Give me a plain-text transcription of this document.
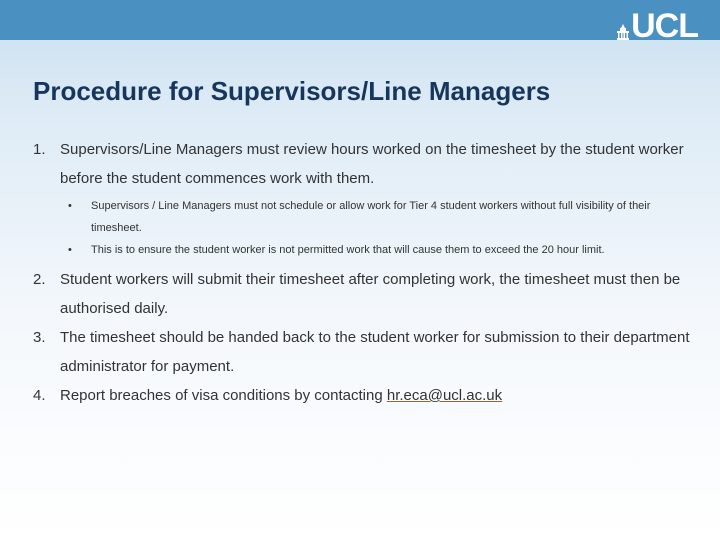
UCL
Procedure for Supervisors/Line Managers
1. Supervisors/Line Managers must review hours worked on the timesheet by the student worker before the student commences work with them.
• Supervisors / Line Managers must not schedule or allow work for Tier 4 student workers without full visibility of their timesheet.
• This is to ensure the student worker is not permitted work that will cause them to exceed the 20 hour limit.
2. Student workers will submit their timesheet after completing work, the timesheet must then be authorised daily.
3. The timesheet should be handed back to the student worker for submission to their department administrator for payment.
4. Report breaches of visa conditions by contacting hr.eca@ucl.ac.uk
